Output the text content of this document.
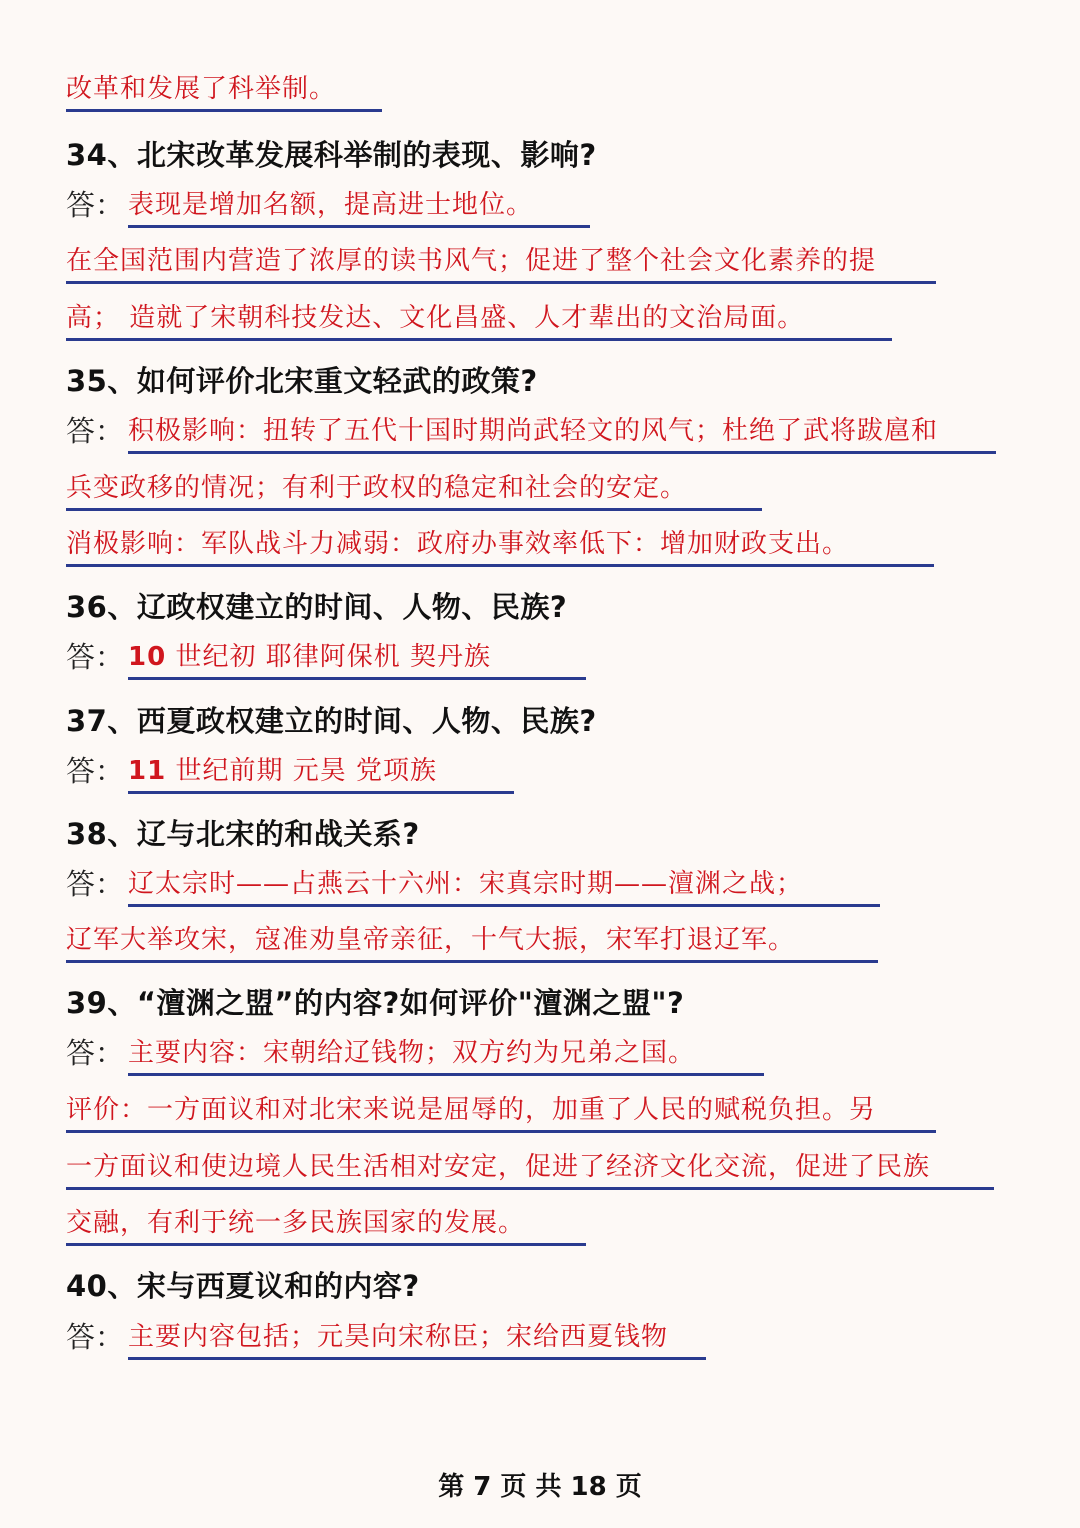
改革和发展了科举制。
34、北宋改革发展科举制的表现、影响?
答： 表现是增加名额，提高进士地位。
在全国范围内营造了浓厚的读书风气；促进了整个社会文化素养的提
高； 造就了宋朝科技发达、文化昌盛、人才辈出的文治局面。
35、如何评价北宋重文轻武的政策?
答： 积极影响：扭转了五代十国时期尚武轻文的风气；杜绝了武将跋扈和
兵变政移的情况；有利于政权的稳定和社会的安定。
消极影响：军队战斗力减弱：政府办事效率低下：增加财政支出。
36、辽政权建立的时间、人物、民族?
答： 10 世纪初 耶律阿保机 契丹族
37、西夏政权建立的时间、人物、民族?
答： 11 世纪前期 元昊 党项族
38、辽与北宋的和战关系?
答： 辽太宗时——占燕云十六州：宋真宗时期——澶渊之战；
辽军大举攻宋，寇准劝皇帝亲征，十气大振，宋军打退辽军。
39、“澶渊之盟”的内容?如何评价"澶渊之盟"?
答： 主要内容：宋朝给辽钱物；双方约为兄弟之国。
评价：一方面议和对北宋来说是屈辱的，加重了人民的赋税负担。另
一方面议和使边境人民生活相对安定，促进了经济文化交流，促进了民族
交融，有利于统一多民族国家的发展。
40、宋与西夏议和的内容?
答： 主要内容包括；元昊向宋称臣；宋给西夏钱物
第 7 页 共 18 页
